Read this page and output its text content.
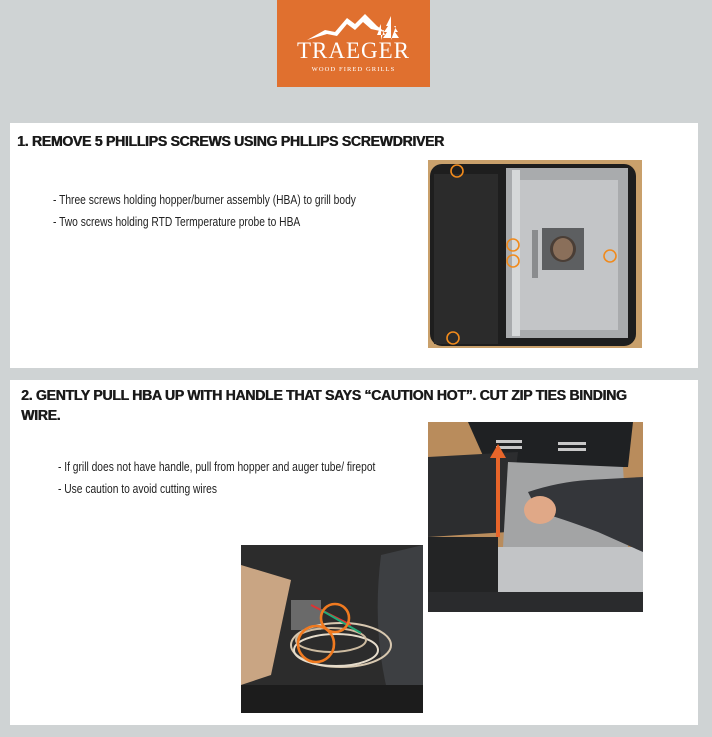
TRAEGER
WOOD FIRED GRILLS
1. REMOVE 5 PHILLIPS SCREWS USING PHLLIPS SCREWDRIVER
- Three screws holding hopper/burner assembly (HBA) to grill body
- Two screws holding RTD Termperature probe to HBA
2. GENTLY PULL HBA UP WITH HANDLE THAT SAYS “CAUTION HOT”. CUT ZIP TIES BINDING WIRE.
- If grill does not have handle, pull from hopper and auger tube/ firepot
- Use caution to avoid cutting wires
